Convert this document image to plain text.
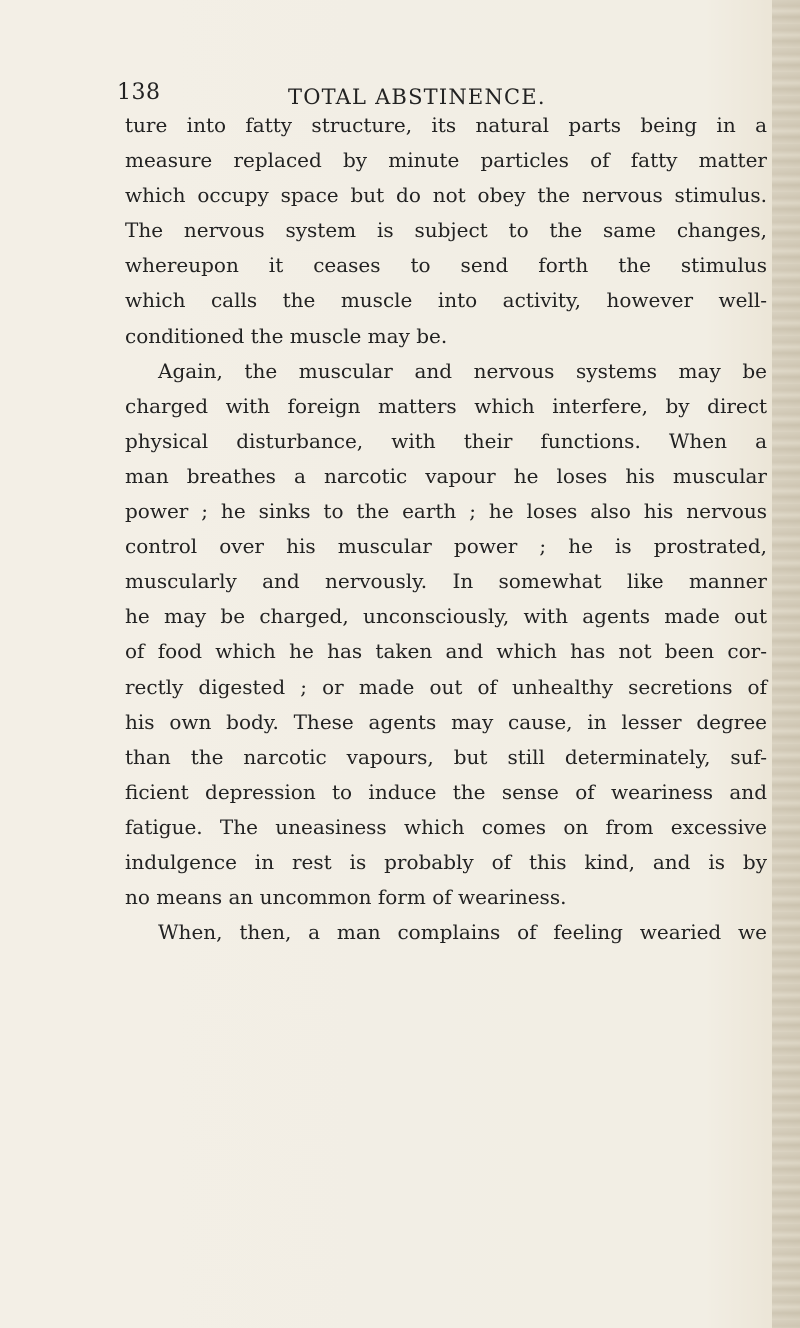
138	TOTAL ABSTINENCE.
ture into fatty structure, its natural parts being in a
measure replaced by minute particles of fatty matter
which occupy space but do not obey the nervous stimulus.
The nervous system is subject to the same changes,
whereupon it ceases to send forth the stimulus
which calls the muscle into activity, however well-
conditioned the muscle may be.
Again, the muscular and nervous systems may be
charged with foreign matters which interfere, by direct
physical disturbance, with their functions. When a
man breathes a narcotic vapour he loses his muscular
power ; he sinks to the earth ; he loses also his nervous
control over his muscular power ; he is prostrated,
muscularly and nervously. In somewhat like manner
he may be charged, unconsciously, with agents made out
of food which he has taken and which has not been cor-
rectly digested ; or made out of unhealthy secretions of
his own body. These agents may cause, in lesser degree
than the narcotic vapours, but still determinately, suf-
ficient depression to induce the sense of weariness and
fatigue. The uneasiness which comes on from excessive
indulgence in rest is probably of this kind, and is by
no means an uncommon form of weariness.
When, then, a man complains of feeling wearied we
